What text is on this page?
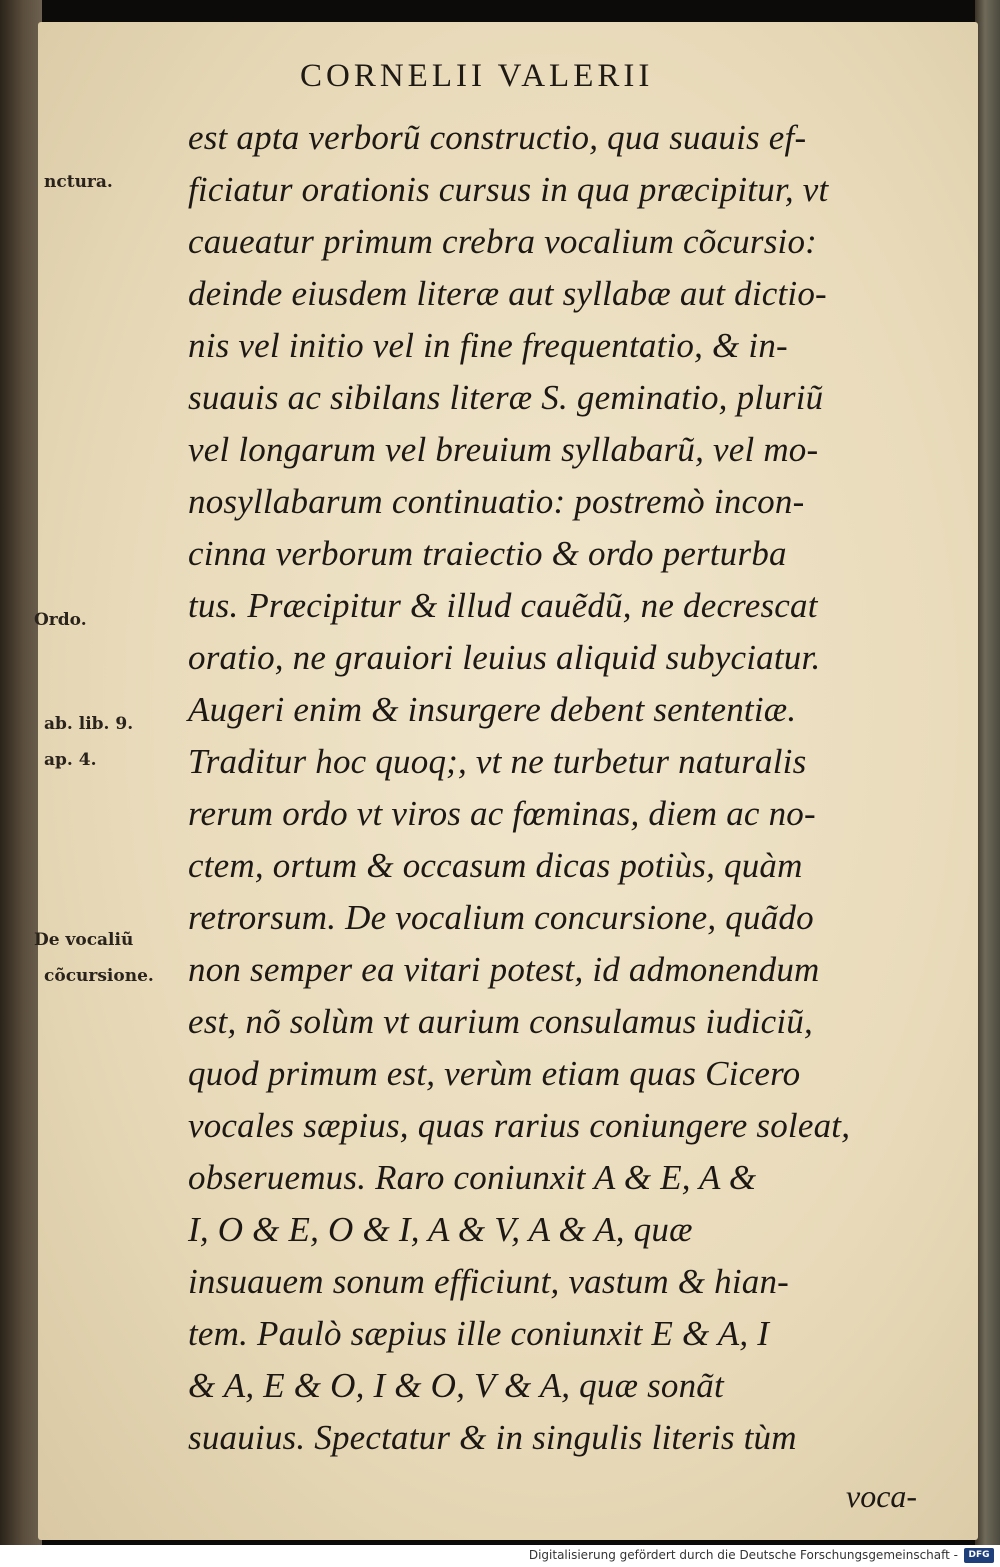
CORNELII VALERII
nctura.
Ordo.
ab. lib. 9.
ap. 4.
De vocaliũ
cõcursione.
est apta verborũ constructio, qua suauis ef-
ficiatur orationis cursus in qua præcipitur, vt
caueatur primum crebra vocalium cõcursio:
deinde eiusdem literæ aut syllabæ aut dictio-
nis vel initio vel in fine frequentatio, & in-
suauis ac sibilans literæ S. geminatio, pluriũ
vel longarum vel breuium syllabarũ, vel mo-
nosyllabarum continuatio: postremò incon-
cinna verborum traiectio & ordo perturba
tus. Præcipitur & illud cauẽdũ, ne decrescat
oratio, ne grauiori leuius aliquid subyciatur.
Augeri enim & insurgere debent sententiæ.
Traditur hoc quoq;, vt ne turbetur naturalis
rerum ordo vt viros ac fœminas, diem ac no-
ctem, ortum & occasum dicas potiùs, quàm
retrorsum. De vocalium concursione, quãdo
non semper ea vitari potest, id admonendum
est, nõ solùm vt aurium consulamus iudiciũ,
quod primum est, verùm etiam quas Cicero
vocales sæpius, quas rarius coniungere soleat,
obseruemus. Raro coniunxit A & E, A &
I, O & E, O & I, A & V, A & A, quæ
insuauem sonum efficiunt, vastum & hian-
tem. Paulò sæpius ille coniunxit E & A, I
& A, E & O, I & O, V & A, quæ sonãt
suauius. Spectatur & in singulis literis tùm
voca-
Digitalisierung gefördert durch die Deutsche Forschungsgemeinschaft -	DFG
